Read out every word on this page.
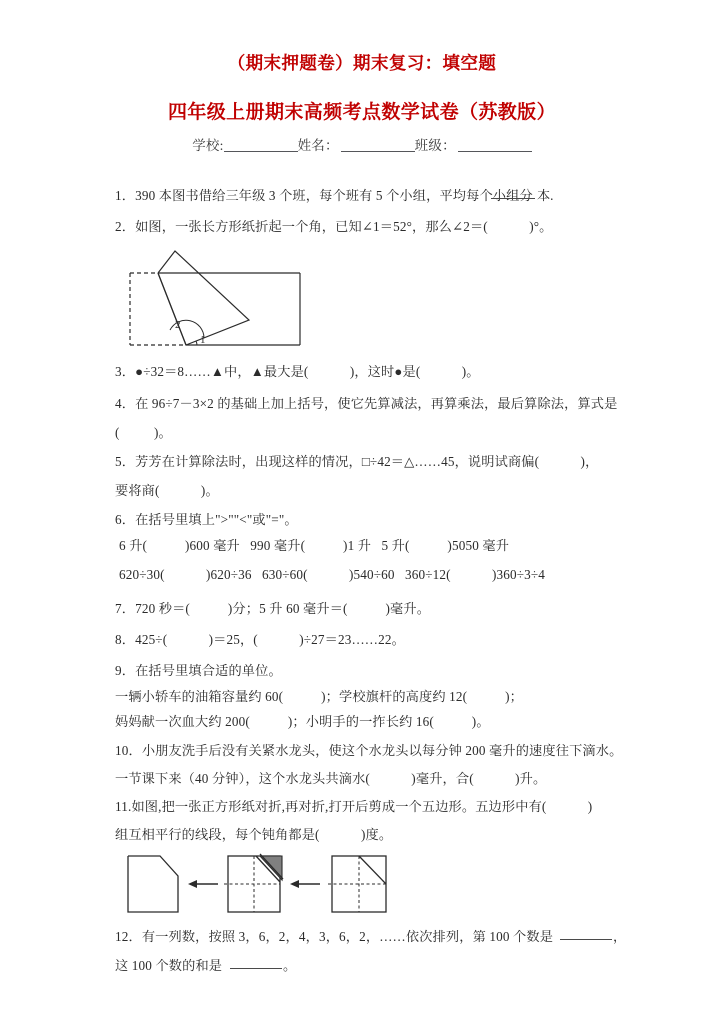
（期末押题卷）期末复习：填空题
四年级上册期末高频考点数学试卷（苏教版）
学校:	姓名：	班级：
1．390 本图书借给三年级 3 个班，每个班有 5 个小组，平均每个小组分 本.
2．如图，一张长方形纸折起一个角，已知∠1＝52°，那么∠2＝(            )°。
2
1
3．●÷32＝8……▲中，▲最大是(            )，这时●是(            )。
4．在 96÷7－3×2 的基础上加上括号，使它先算减法，再算乘法，最后算除法，算式是
(          )。
5．芳芳在计算除法时，出现这样的情况，□÷42＝△……45，说明试商偏(            )，
要将商(            )。
6．在括号里填上">""<"或"="。
6 升(           )600 毫升   990 毫升(           )1 升   5 升(           )5050 毫升
620÷30(            )620÷36   630÷60(            )540÷60   360÷12(            )360÷3÷4
7．720 秒＝(           )分；5 升 60 毫升＝(           )毫升。
8．425÷(            )＝25，(            )÷27＝23……22。
9．在括号里填合适的单位。
一辆小轿车的油箱容量约 60(           )；学校旗杆的高度约 12(           )；
妈妈献一次血大约 200(           )；小明手的一拃长约 16(           )。
10．小朋友洗手后没有关紧水龙头，使这个水龙头以每分钟 200 毫升的速度往下滴水。
一节课下来（40 分钟），这个水龙头共滴水(            )毫升，合(            )升。
11.如图,把一张正方形纸对折,再对折,打开后剪成一个五边形。五边形中有(            )
组互相平行的线段，每个钝角都是(            )度。
12．有一列数，按照 3，6，2，4，3，6，2，……依次排列，第 100 个数是	，
这 100 个数的和是	。
